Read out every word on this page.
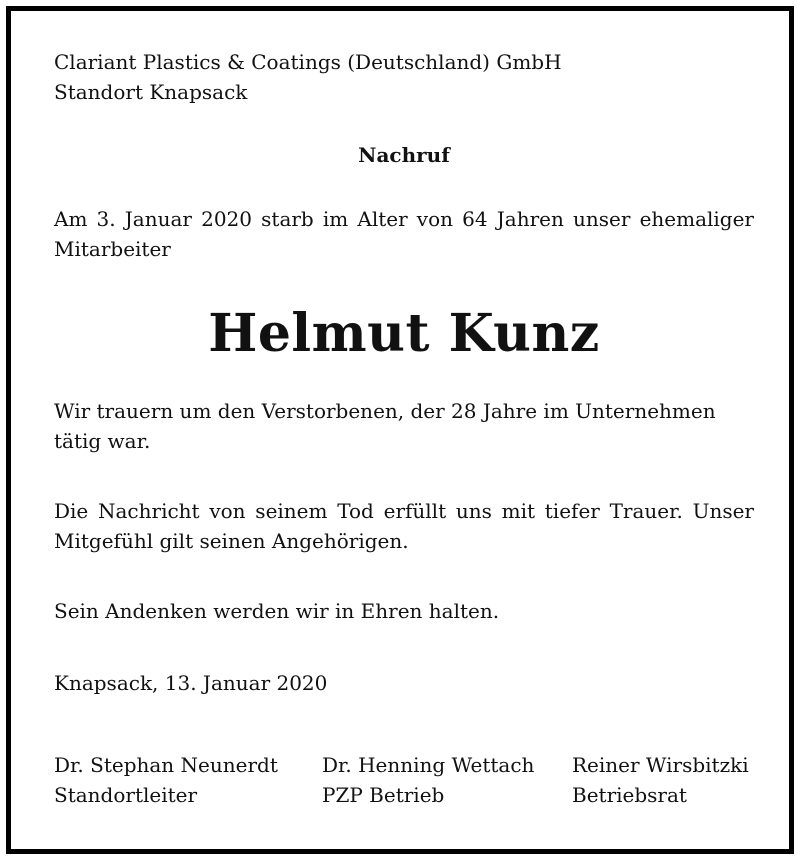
Clariant Plastics & Coatings (Deutschland) GmbH
Standort Knapsack
Nachruf
Am 3. Januar 2020 starb im Alter von 64 Jahren unser ehemaliger
Mitarbeiter
Helmut Kunz
Wir trauern um den Verstorbenen, der 28 Jahre im Unternehmen
tätig war.
Die Nachricht von seinem Tod erfüllt uns mit tiefer Trauer. Unser
Mitgefühl gilt seinen Angehörigen.
Sein Andenken werden wir in Ehren halten.
Knapsack, 13. Januar 2020
Dr. Stephan Neunerdt
Standortleiter
Dr. Henning Wettach
PZP Betrieb
Reiner Wirsbitzki
Betriebsrat
